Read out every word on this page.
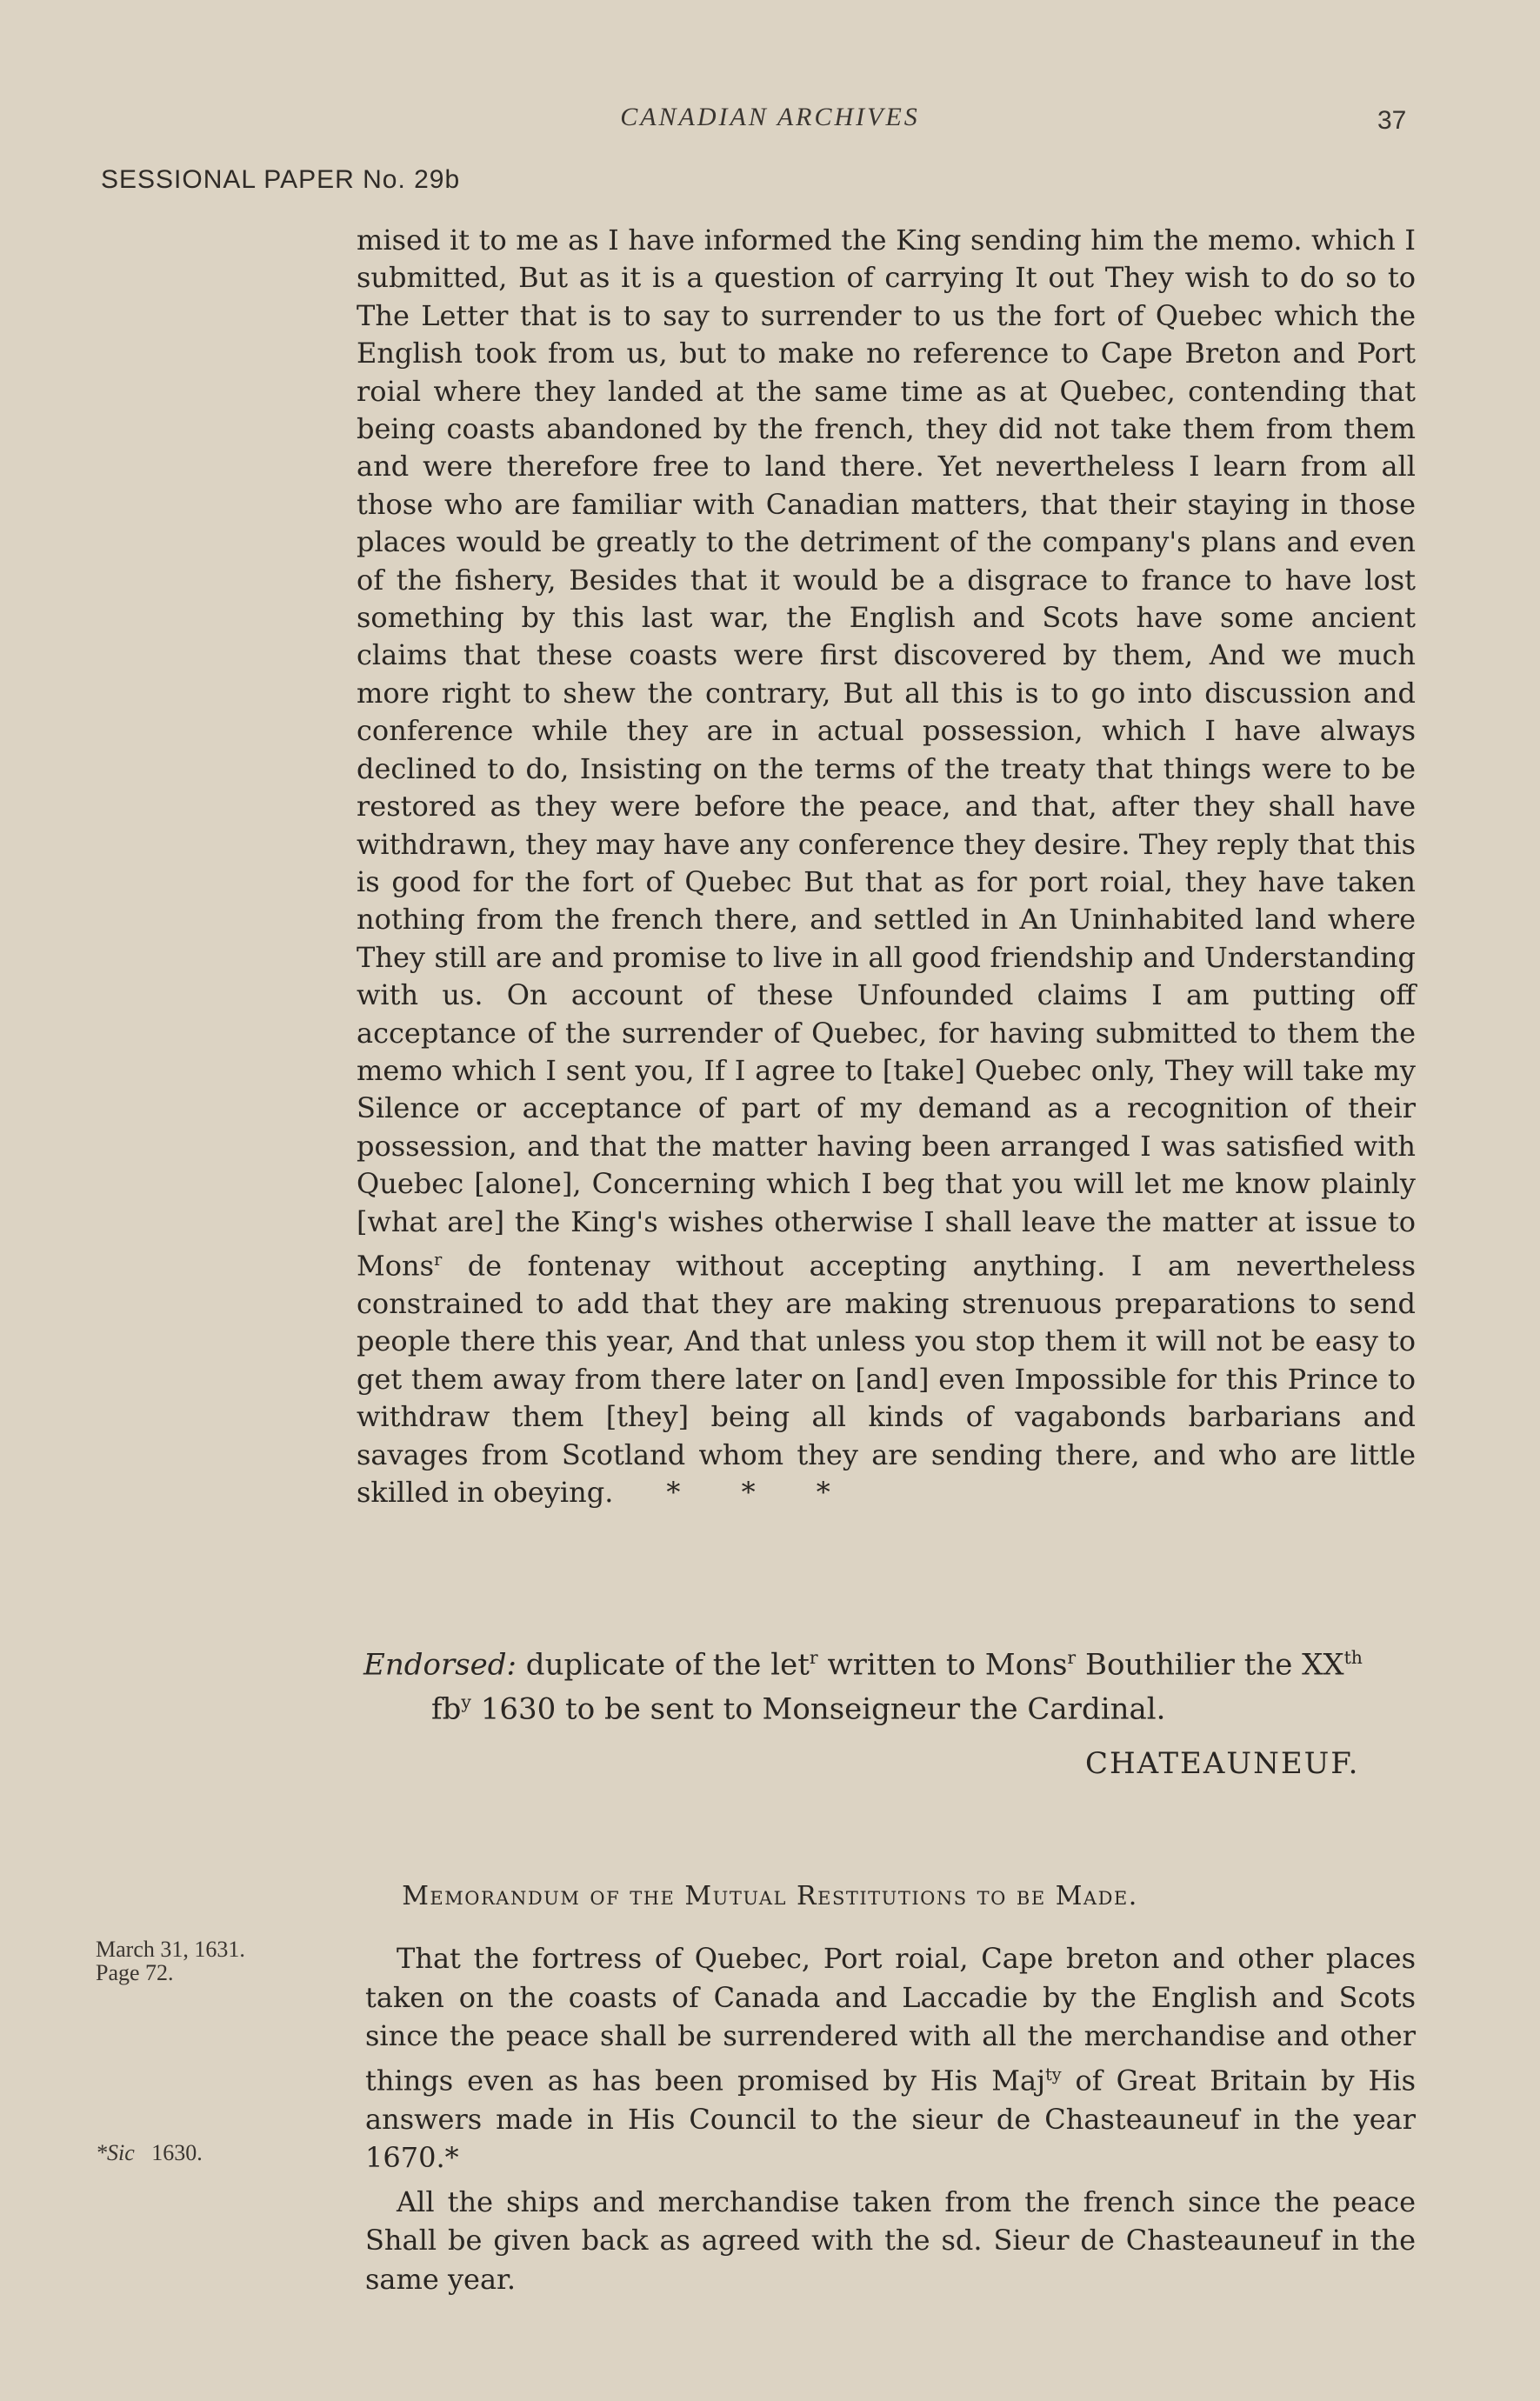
CANADIAN ARCHIVES	37
SESSIONAL PAPER No. 29b

mised it to me as I have informed the King sending him the memo. which I submitted, But as it is a question of carrying It out They wish to do so to The Letter that is to say to surrender to us the fort of Quebec which the English took from us, but to make no reference to Cape Breton and Port roial where they landed at the same time as at Quebec, contending that being coasts abandoned by the french, they did not take them from them and were therefore free to land there. Yet nevertheless I learn from all those who are familiar with Canadian matters, that their staying in those places would be greatly to the detriment of the company's plans and even of the fishery, Besides that it would be a disgrace to france to have lost something by this last war, the English and Scots have some ancient claims that these coasts were first discovered by them, And we much more right to shew the contrary, But all this is to go into discussion and conference while they are in actual possession, which I have always declined to do, Insisting on the terms of the treaty that things were to be restored as they were before the peace, and that, after they shall have withdrawn, they may have any conference they desire. They reply that this is good for the fort of Quebec But that as for port roial, they have taken nothing from the french there, and settled in An Uninhabited land where They still are and promise to live in all good friendship and Understanding with us. On account of these Unfounded claims I am putting off acceptance of the surrender of Quebec, for having submitted to them the memo which I sent you, If I agree to [take] Quebec only, They will take my Silence or acceptance of part of my demand as a recognition of their possession, and that the matter having been arranged I was satisfied with Quebec [alone], Concerning which I beg that you will let me know plainly [what are] the King's wishes otherwise I shall leave the matter at issue to Mons$^r$ de fontenay without accepting anything. I am nevertheless constrained to add that they are making strenuous preparations to send people there this year, And that unless you stop them it will not be easy to get them away from there later on [and] even Impossible for this Prince to withdraw them [they] being all kinds of vagabonds barbarians and savages from Scotland whom they are sending there, and who are little skilled in obeying. * * *

Endorsed: duplicate of the let$^r$ written to Mons$^r$ Bouthilier the XXth
$fb^y$ 1630 to be sent to Monseigneur the Cardinal.
CHATEAUNEUF.
Memorandum of the Mutual Restitutions to be Made.
March 31, 1631.
Page 72.
*Sic 1630.

That the fortress of Quebec, Port roial, Cape breton and other places taken on the coasts of Canada and Laccadie by the English and Scots since the peace shall be surrendered with all the merchandise and other things even as has been promised by His Maj$^{ty}$ of Great Britain by His answers made in His Council to the sieur de Chasteauneuf in the year 1670.*

All the ships and merchandise taken from the french since the peace Shall be given back as agreed with the sd. Sieur de Chasteauneuf in the same year.
